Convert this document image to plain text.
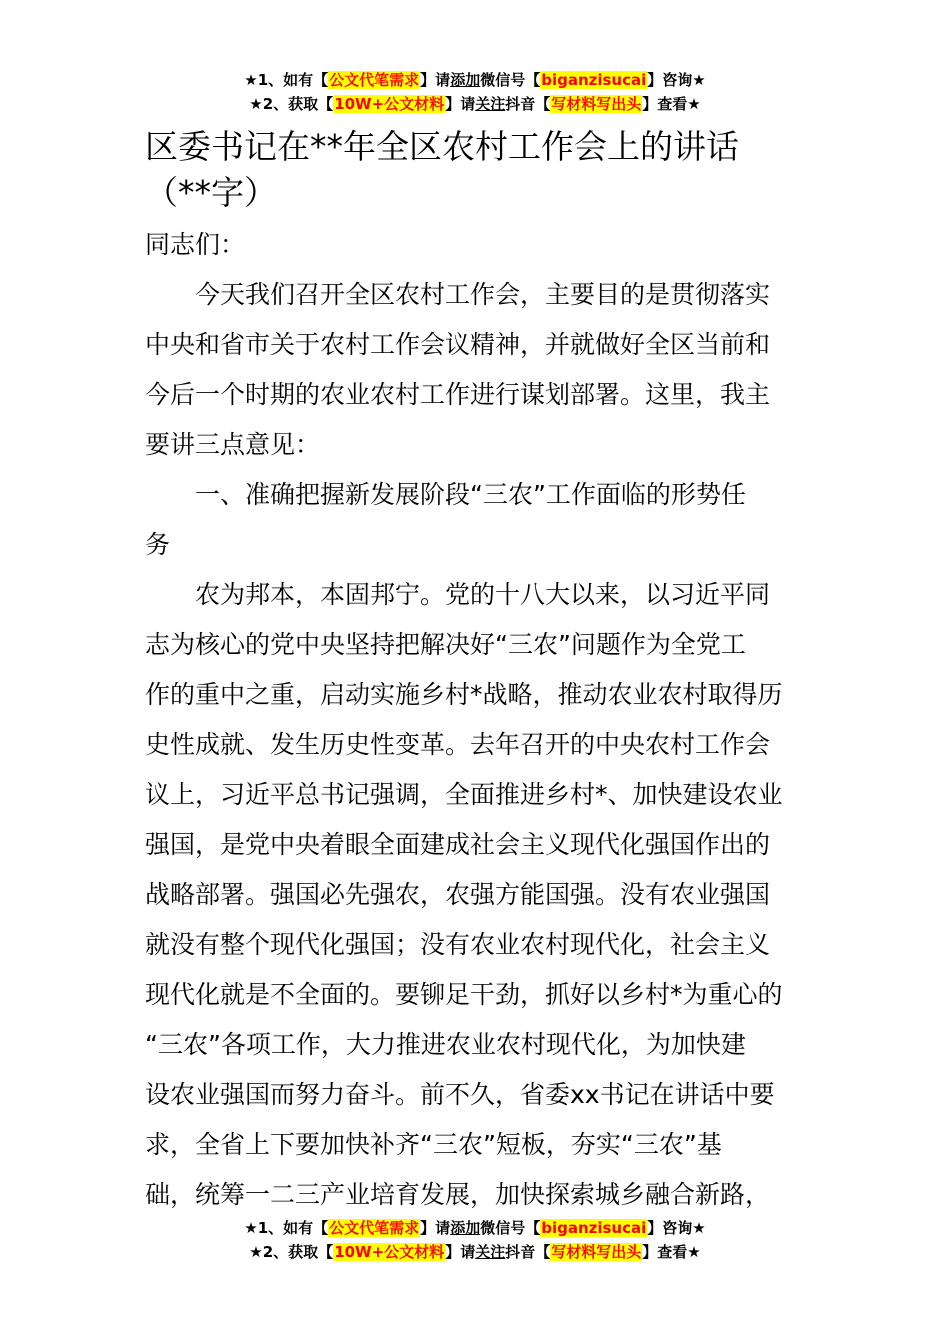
★1、如有【公文代笔需求】请添加微信号【biganzisucai】咨询★
★2、获取【10W+公文材料】请关注抖音【写材料写出头】查看★
区委书记在**年全区农村工作会上的讲话
（**字）
同志们：
今天我们召开全区农村工作会，主要目的是贯彻落实
中央和省市关于农村工作会议精神，并就做好全区当前和
今后一个时期的农业农村工作进行谋划部署。这里，我主
要讲三点意见：
一、准确把握新发展阶段“三农”工作面临的形势任
务
农为邦本，本固邦宁。党的十八大以来，以习近平同
志为核心的党中央坚持把解决好“三农”问题作为全党工
作的重中之重，启动实施乡村*战略，推动农业农村取得历
史性成就、发生历史性变革。去年召开的中央农村工作会
议上，习近平总书记强调，全面推进乡村*、加快建设农业
强国，是党中央着眼全面建成社会主义现代化强国作出的
战略部署。强国必先强农，农强方能国强。没有农业强国
就没有整个现代化强国；没有农业农村现代化，社会主义
现代化就是不全面的。要铆足干劲，抓好以乡村*为重心的
“三农”各项工作，大力推进农业农村现代化，为加快建
设农业强国而努力奋斗。前不久，省委xx书记在讲话中要
求，全省上下要加快补齐“三农”短板，夯实“三农”基
础，统筹一二三产业培育发展，加快探索城乡融合新路，
★1、如有【公文代笔需求】请添加微信号【biganzisucai】咨询★
★2、获取【10W+公文材料】请关注抖音【写材料写出头】查看★
